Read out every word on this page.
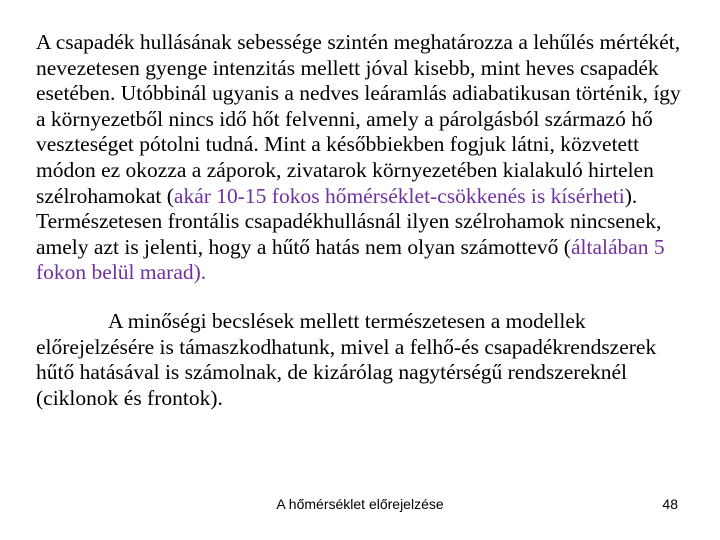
A csapadék hullásának sebessége szintén meghatározza a lehűlés mértékét, nevezetesen gyenge intenzitás mellett jóval kisebb, mint heves csapadék esetében. Utóbbinál ugyanis a nedves leáramlás adiabatikusan történik, így a környezetből nincs idő hőt felvenni, amely a párolgásból származó hő veszteséget pótolni tudná. Mint a későbbiekben fogjuk látni, közvetett módon ez okozza a záporok, zivatarok környezetében kialakuló hirtelen szélrohamokat (akár 10-15 fokos hőmérséklet-csökkenés is kísérheti). Természetesen frontális csapadékhullásnál ilyen szélrohamok nincsenek, amely azt is jelenti, hogy a hűtő hatás nem olyan számottevő (általában 5 fokon belül marad).

A minőségi becslések mellett természetesen a modellek előrejelzésére is támaszkodhatunk, mivel a felhő-és csapadékrendszerek hűtő hatásával is számolnak, de kizárólag nagytérségű rendszereknél (ciklonok és frontok).

A hőmérséklet előrejelzése	48
